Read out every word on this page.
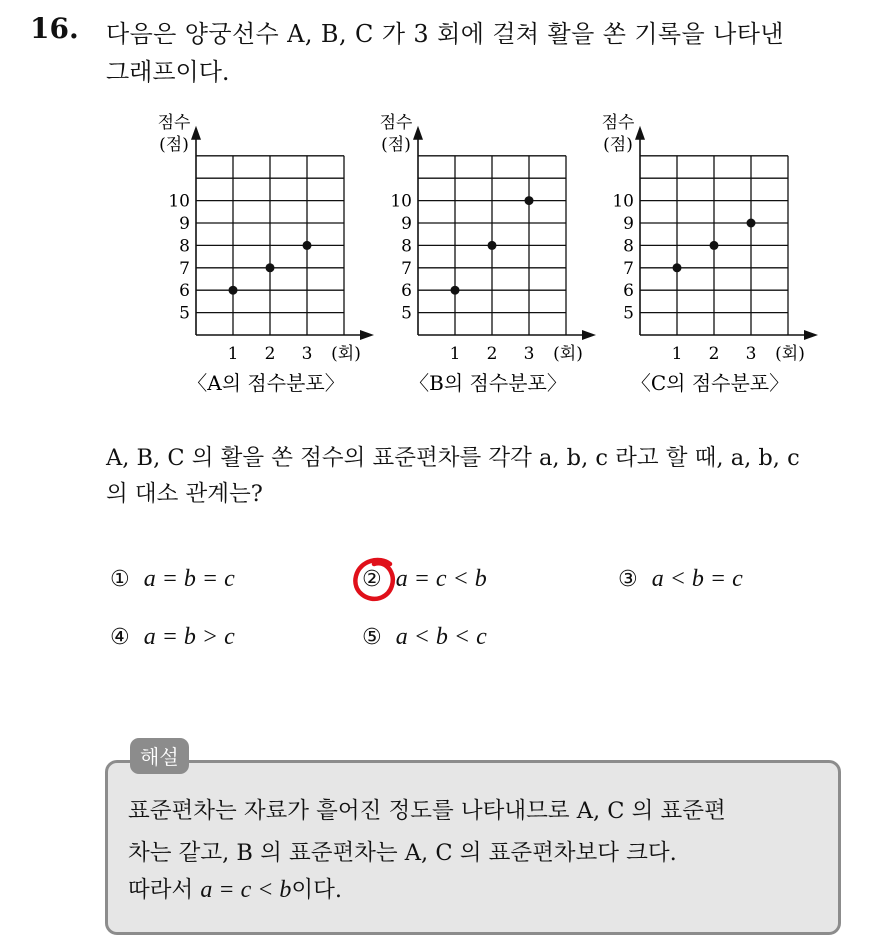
16. 다음은 양궁선수 A, B, C 가 3 회에 걸쳐 활을 쏜 기록을 나타낸
그래프이다.
5
6
7
8
9
10
1 2 3 (회)
점수
(점)
〈A의 점수분포〉
5
6
7
8
9
10
1 2 3 (회)
점수
(점)
〈B의 점수분포〉
5
6
7
8
9
10
1 2 3 (회)
점수
(점)
〈C의 점수분포〉
A, B, C 의 활을 쏜 점수의 표준편차를 각각 a, b, c 라고 할 때, a, b, c
의 대소 관계는?
① a = b = c	② a = c < b	③ a < b = c
④ a = b > c	⑤ a < b < c
해설
표준편차는 자료가 흩어진 정도를 나타내므로 A, C 의 표준편
차는 같고, B 의 표준편차는 A, C 의 표준편차보다 크다.
따라서 a = c < b이다.
